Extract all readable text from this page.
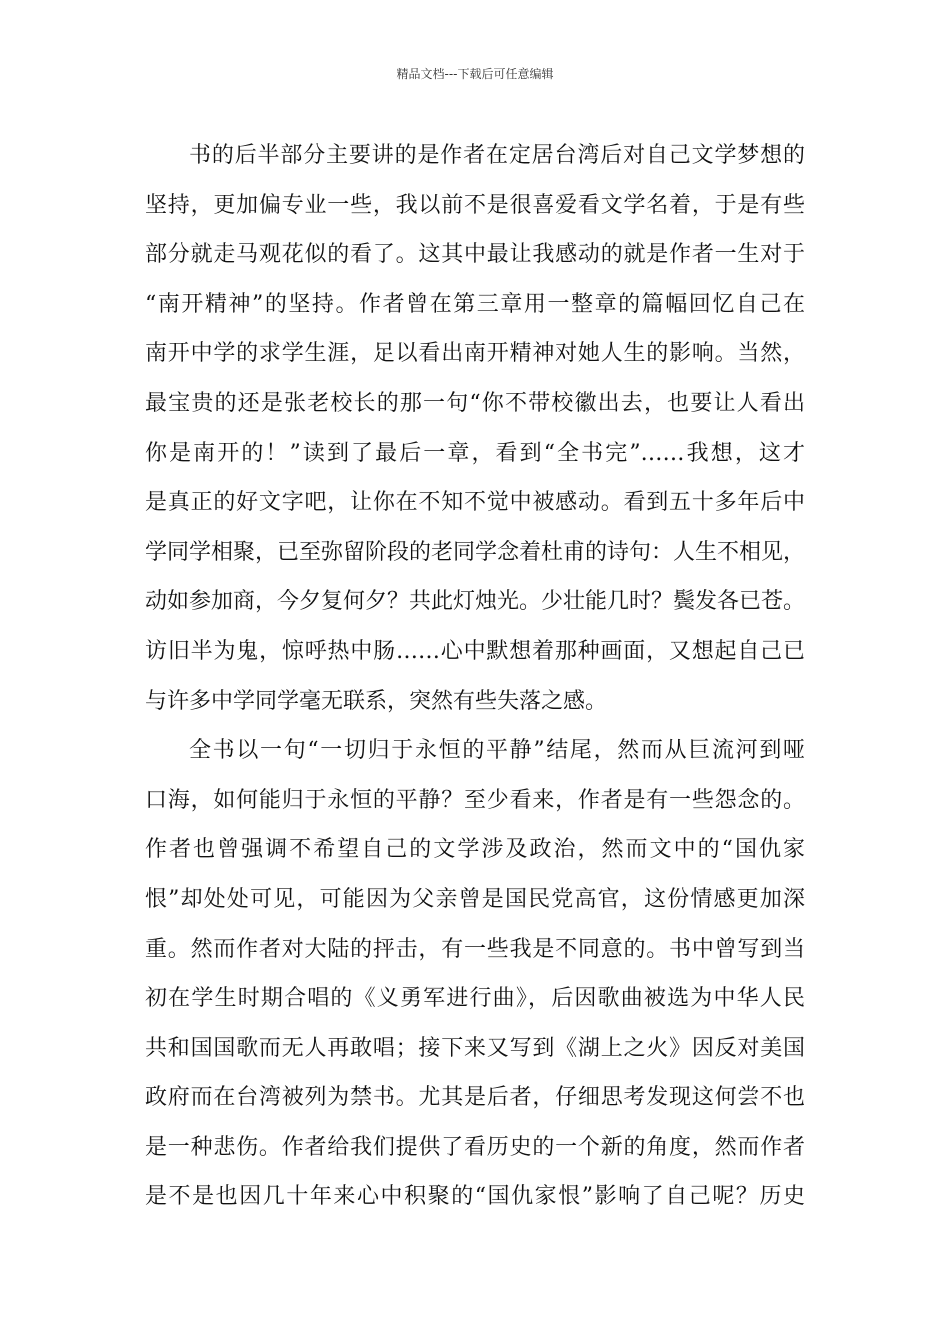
精品文档---下载后可任意编辑
书的后半部分主要讲的是作者在定居台湾后对自己文学梦想的
坚持，更加偏专业一些，我以前不是很喜爱看文学名着，于是有些
部分就走马观花似的看了。这其中最让我感动的就是作者一生对于
“南开精神”的坚持。作者曾在第三章用一整章的篇幅回忆自己在
南开中学的求学生涯，足以看出南开精神对她人生的影响。当然，
最宝贵的还是张老校长的那一句“你不带校徽出去，也要让人看出
你是南开的！”读到了最后一章，看到“全书完”……我想，这才
是真正的好文字吧，让你在不知不觉中被感动。看到五十多年后中
学同学相聚，已至弥留阶段的老同学念着杜甫的诗句：人生不相见，
动如参加商，今夕复何夕？共此灯烛光。少壮能几时？鬓发各已苍。
访旧半为鬼，惊呼热中肠……心中默想着那种画面，又想起自己已
与许多中学同学毫无联系，突然有些失落之感。
全书以一句“一切归于永恒的平静”结尾，然而从巨流河到哑
口海，如何能归于永恒的平静？至少看来，作者是有一些怨念的。
作者也曾强调不希望自己的文学涉及政治，然而文中的“国仇家
恨”却处处可见，可能因为父亲曾是国民党高官，这份情感更加深
重。然而作者对大陆的抨击，有一些我是不同意的。书中曾写到当
初在学生时期合唱的《义勇军进行曲》，后因歌曲被选为中华人民
共和国国歌而无人再敢唱；接下来又写到《湖上之火》因反对美国
政府而在台湾被列为禁书。尤其是后者，仔细思考发现这何尝不也
是一种悲伤。作者给我们提供了看历史的一个新的角度，然而作者
是不是也因几十年来心中积聚的“国仇家恨”影响了自己呢？历史
